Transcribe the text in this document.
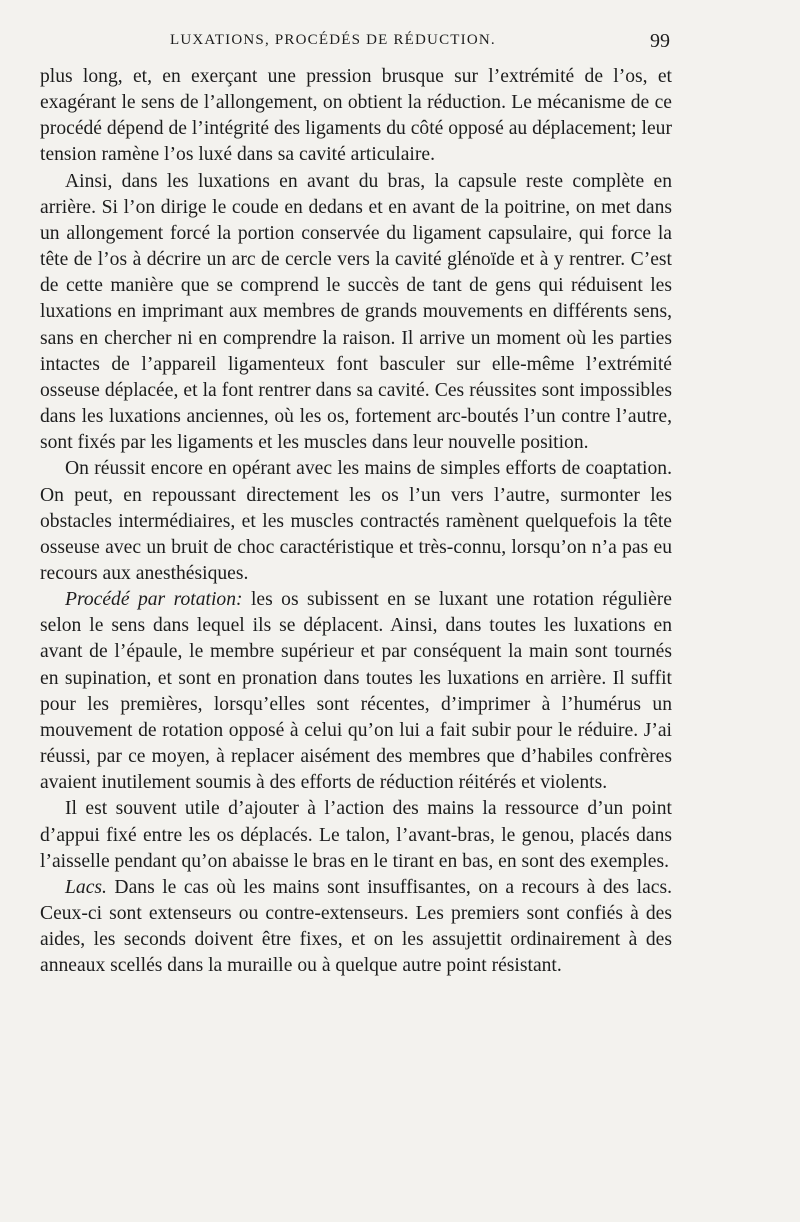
LUXATIONS, PROCÉDÉS DE RÉDUCTION.	99

plus long, et, en exerçant une pression brusque sur l’extrémité de l’os, et exagérant le sens de l’allongement, on obtient la réduction. Le mécanisme de ce procédé dépend de l’intégrité des ligaments du côté opposé au déplacement; leur tension ramène l’os luxé dans sa cavité articulaire.

Ainsi, dans les luxations en avant du bras, la capsule reste complète en arrière. Si l’on dirige le coude en dedans et en avant de la poitrine, on met dans un allongement forcé la portion conservée du ligament capsulaire, qui force la tête de l’os à décrire un arc de cercle vers la cavité glénoïde et à y rentrer. C’est de cette manière que se comprend le succès de tant de gens qui réduisent les luxations en imprimant aux membres de grands mouvements en différents sens, sans en chercher ni en comprendre la raison. Il arrive un moment où les parties intactes de l’appareil ligamenteux font basculer sur elle-même l’extrémité osseuse déplacée, et la font rentrer dans sa cavité. Ces réussites sont impossibles dans les luxations anciennes, où les os, fortement arc-boutés l’un contre l’autre, sont fixés par les ligaments et les muscles dans leur nouvelle position.

On réussit encore en opérant avec les mains de simples efforts de coaptation. On peut, en repoussant directement les os l’un vers l’autre, surmonter les obstacles intermédiaires, et les muscles contractés ramènent quelquefois la tête osseuse avec un bruit de choc caractéristique et très-connu, lorsqu’on n’a pas eu recours aux anesthésiques.

Procédé par rotation: les os subissent en se luxant une rotation régulière selon le sens dans lequel ils se déplacent. Ainsi, dans toutes les luxations en avant de l’épaule, le membre supérieur et par conséquent la main sont tournés en supination, et sont en pronation dans toutes les luxations en arrière. Il suffit pour les premières, lorsqu’elles sont récentes, d’imprimer à l’humérus un mouvement de rotation opposé à celui qu’on lui a fait subir pour le réduire. J’ai réussi, par ce moyen, à replacer aisément des membres que d’habiles confrères avaient inutilement soumis à des efforts de réduction réitérés et violents.

Il est souvent utile d’ajouter à l’action des mains la ressource d’un point d’appui fixé entre les os déplacés. Le talon, l’avant-bras, le genou, placés dans l’aisselle pendant qu’on abaisse le bras en le tirant en bas, en sont des exemples.

Lacs. Dans le cas où les mains sont insuffisantes, on a recours à des lacs. Ceux-ci sont extenseurs ou contre-extenseurs. Les premiers sont confiés à des aides, les seconds doivent être fixes, et on les assujettit ordinairement à des anneaux scellés dans la muraille ou à quelque autre point résistant.
